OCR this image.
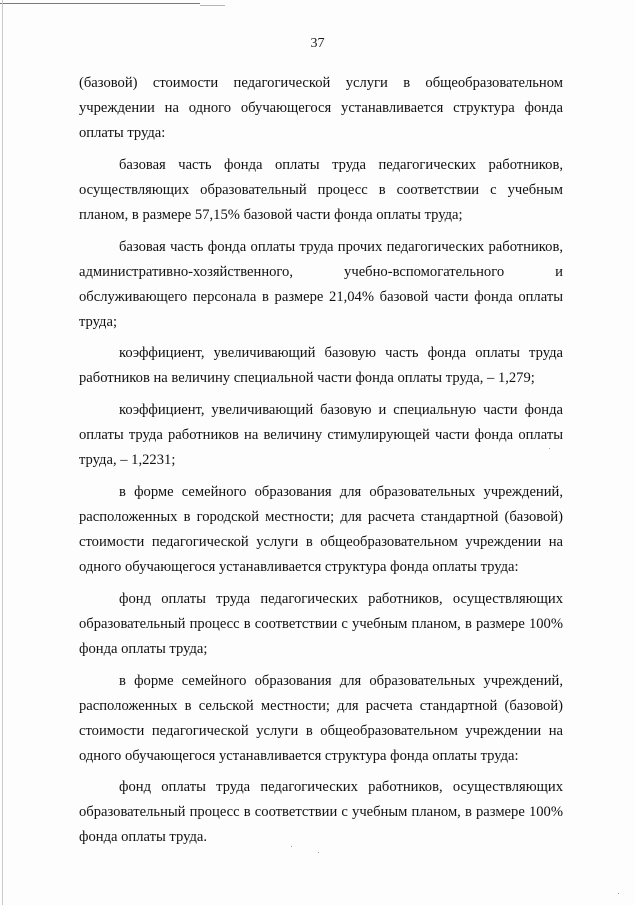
37

(базовой) стоимости педагогической услуги в общеобразовательном учреждении на одного обучающегося устанавливается структура фонда оплаты труда:

базовая часть фонда оплаты труда педагогических работников, осуществляющих образовательный процесс в соответствии с учебным планом, в размере 57,15% базовой части фонда оплаты труда;

базовая часть фонда оплаты труда прочих педагогических работников, административно-хозяйственного, учебно-вспомогательного и обслуживающего персонала в размере 21,04% базовой части фонда оплаты труда;

коэффициент, увеличивающий базовую часть фонда оплаты труда работников на величину специальной части фонда оплаты труда, – 1,279;

коэффициент, увеличивающий базовую и специальную части фонда оплаты труда работников на величину стимулирующей части фонда оплаты труда, – 1,2231;

в форме семейного образования для образовательных учреждений, расположенных в городской местности; для расчета стандартной (базовой) стоимости педагогической услуги в общеобразовательном учреждении на одного обучающегося устанавливается структура фонда оплаты труда:

фонд оплаты труда педагогических работников, осуществляющих образовательный процесс в соответствии с учебным планом, в размере 100% фонда оплаты труда;

в форме семейного образования для образовательных учреждений, расположенных в сельской местности; для расчета стандартной (базовой) стоимости педагогической услуги в общеобразовательном учреждении на одного обучающегося устанавливается структура фонда оплаты труда:

фонд оплаты труда педагогических работников, осуществляющих образовательный процесс в соответствии с учебным планом, в размере 100% фонда оплаты труда.
